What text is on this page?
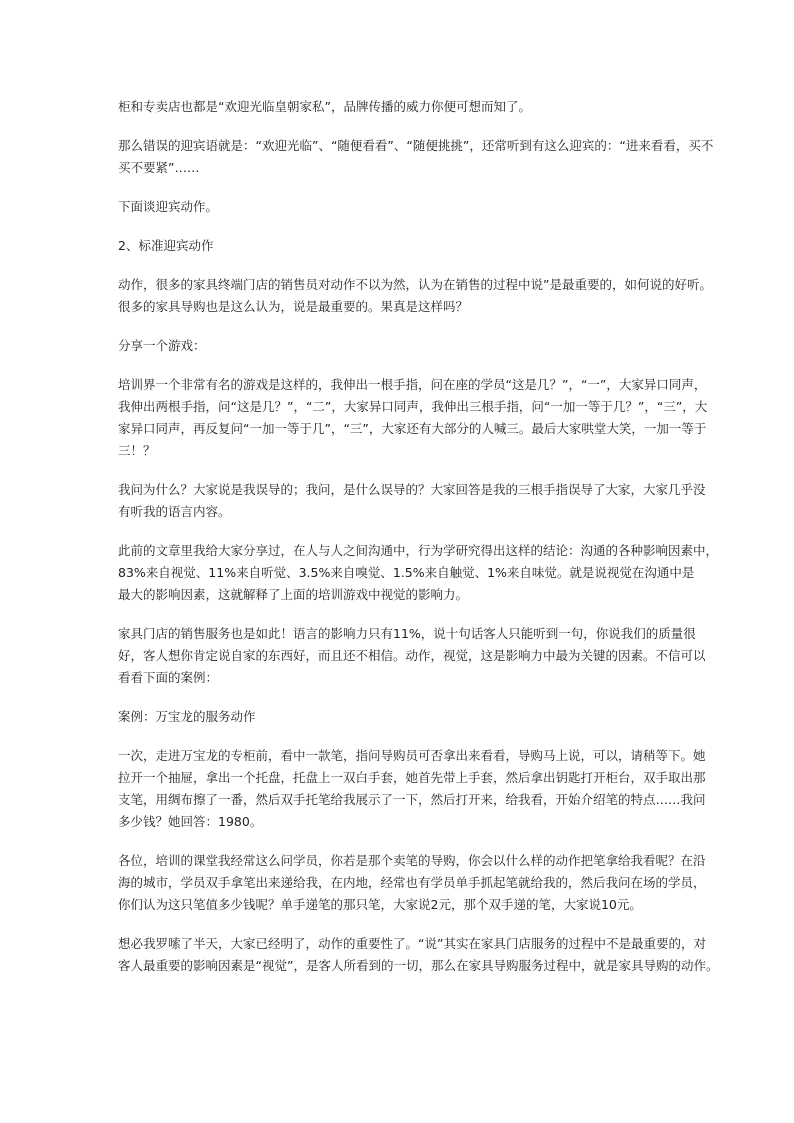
柜和专卖店也都是“欢迎光临皇朝家私”，品牌传播的威力你便可想而知了。

那么错误的迎宾语就是：“欢迎光临”、“随便看看”、“随便挑挑”，还常听到有这么迎宾的：“进来看看，买不
买不要紧”……

下面谈迎宾动作。

2、标准迎宾动作

动作，很多的家具终端门店的销售员对动作不以为然，认为在销售的过程中说”是最重要的，如何说的好听。
很多的家具导购也是这么认为，说是最重要的。果真是这样吗？

分享一个游戏：

培训界一个非常有名的游戏是这样的，我伸出一根手指，问在座的学员“这是几？”，“一”，大家异口同声，
我伸出两根手指，问“这是几？”，“二”，大家异口同声，我伸出三根手指，问“一加一等于几？”，“三”，大
家异口同声，再反复问“一加一等于几”，“三”，大家还有大部分的人喊三。最后大家哄堂大笑，一加一等于
三！？

我问为什么？大家说是我误导的；我问，是什么误导的？大家回答是我的三根手指误导了大家，大家几乎没
有听我的语言内容。

此前的文章里我给大家分享过，在人与人之间沟通中，行为学研究得出这样的结论：沟通的各种影响因素中，
83%来自视觉、11%来自听觉、3.5%来自嗅觉、1.5%来自触觉、1%来自味觉。就是说视觉在沟通中是
最大的影响因素，这就解释了上面的培训游戏中视觉的影响力。

家具门店的销售服务也是如此！语言的影响力只有11%，说十句话客人只能听到一句，你说我们的质量很
好，客人想你肯定说自家的东西好，而且还不相信。动作，视觉，这是影响力中最为关键的因素。不信可以
看看下面的案例：

案例：万宝龙的服务动作

一次，走进万宝龙的专柜前，看中一款笔，指问导购员可否拿出来看看，导购马上说，可以，请稍等下。她
拉开一个抽屉，拿出一个托盘，托盘上一双白手套，她首先带上手套，然后拿出钥匙打开柜台，双手取出那
支笔，用绸布擦了一番，然后双手托笔给我展示了一下，然后打开来，给我看，开始介绍笔的特点……我问
多少钱？她回答：1980。

各位，培训的课堂我经常这么问学员，你若是那个卖笔的导购，你会以什么样的动作把笔拿给我看呢？在沿
海的城市，学员双手拿笔出来递给我，在内地，经常也有学员单手抓起笔就给我的，然后我问在场的学员，
你们认为这只笔值多少钱呢？单手递笔的那只笔，大家说2元，那个双手递的笔，大家说10元。

想必我罗嗦了半天，大家已经明了，动作的重要性了。“说”其实在家具门店服务的过程中不是最重要的，对
客人最重要的影响因素是“视觉”，是客人所看到的一切，那么在家具导购服务过程中，就是家具导购的动作。
